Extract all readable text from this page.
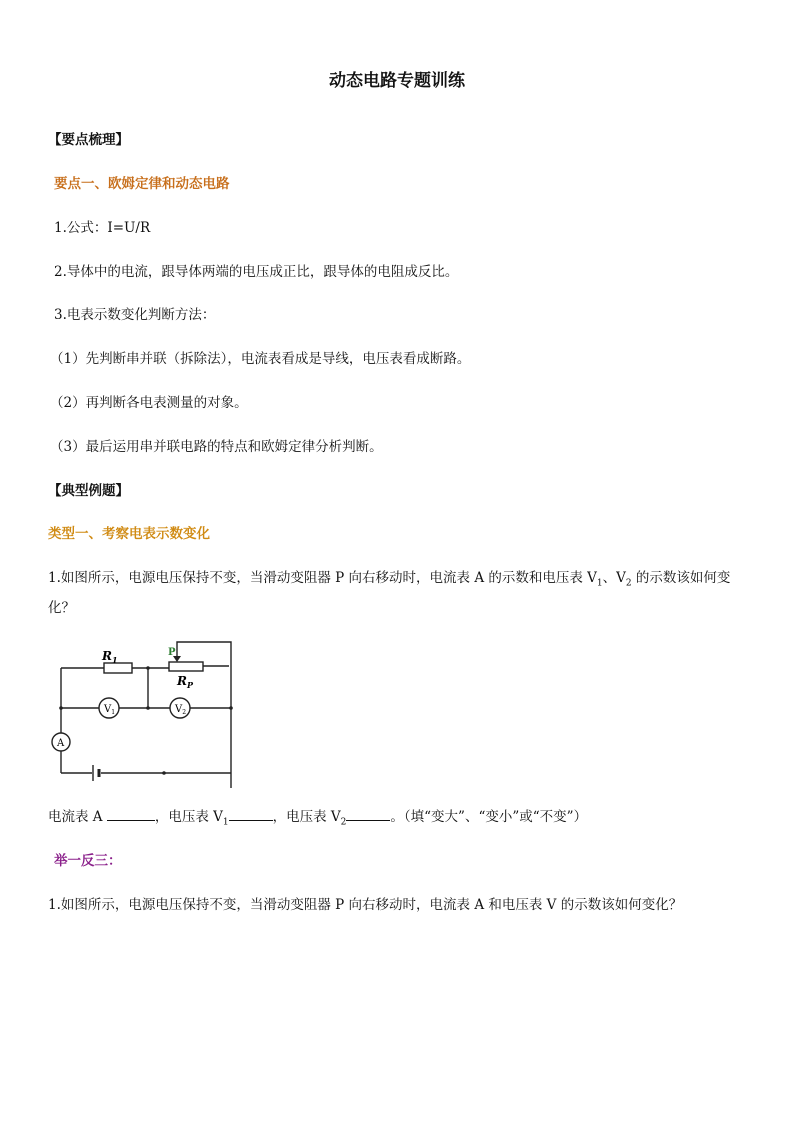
动态电路专题训练
【要点梳理】
要点一、欧姆定律和动态电路
1.公式：I=U/R
2.导体中的电流，跟导体两端的电压成正比，跟导体的电阻成反比。
3.电表示数变化判断方法：
（1）先判断串并联（拆除法），电流表看成是导线，电压表看成断路。
（2）再判断各电表测量的对象。
（3）最后运用串并联电路的特点和欧姆定律分析判断。
【典型例题】
类型一、考察电表示数变化
1.如图所示，电源电压保持不变，当滑动变阻器 P 向右移动时，电流表 A 的示数和电压表 $V_1$、$V_2$ 的示数该如何变
化？
$R_1$
P
$R_P$
$V_1$	$V_2$
A
电流表 A	，电压表 $V_1$	，电压表 $V_2$	。（填“变大”、“变小”或“不变”）
举一反三：
1.如图所示，电源电压保持不变，当滑动变阻器 P 向右移动时，电流表 A 和电压表 V 的示数该如何变化？
